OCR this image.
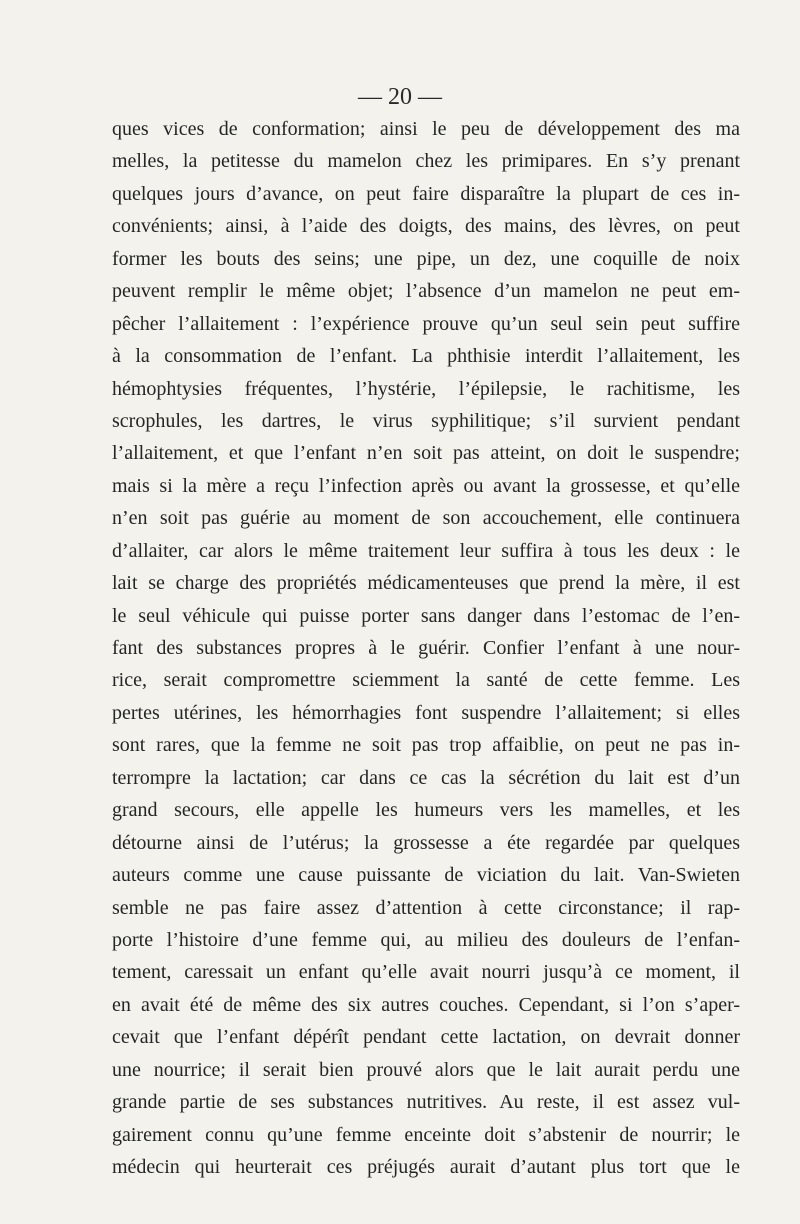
— 20 —
ques vices de conformation; ainsi le peu de développement des ma
melles, la petitesse du mamelon chez les primipares. En s’y prenant
quelques jours d’avance, on peut faire disparaître la plupart de ces in-
convénients; ainsi, à l’aide des doigts, des mains, des lèvres, on peut
former les bouts des seins; une pipe, un dez, une coquille de noix
peuvent remplir le même objet; l’absence d’un mamelon ne peut em-
pêcher l’allaitement : l’expérience prouve qu’un seul sein peut suffire
à la consommation de l’enfant. La phthisie interdit l’allaitement, les
hémophtysies fréquentes, l’hystérie, l’épilepsie, le rachitisme, les
scrophules, les dartres, le virus syphilitique; s’il survient pendant
l’allaitement, et que l’enfant n’en soit pas atteint, on doit le suspendre;
mais si la mère a reçu l’infection après ou avant la grossesse, et qu’elle
n’en soit pas guérie au moment de son accouchement, elle continuera
d’allaiter, car alors le même traitement leur suffira à tous les deux : le
lait se charge des propriétés médicamenteuses que prend la mère, il est
le seul véhicule qui puisse porter sans danger dans l’estomac de l’en-
fant des substances propres à le guérir. Confier l’enfant à une nour-
rice, serait compromettre sciemment la santé de cette femme. Les
pertes utérines, les hémorrhagies font suspendre l’allaitement; si elles
sont rares, que la femme ne soit pas trop affaiblie, on peut ne pas in-
terrompre la lactation; car dans ce cas la sécrétion du lait est d’un
grand secours, elle appelle les humeurs vers les mamelles, et les
détourne ainsi de l’utérus; la grossesse a éte regardée par quelques
auteurs comme une cause puissante de viciation du lait. Van-Swieten
semble ne pas faire assez d’attention à cette circonstance; il rap-
porte l’histoire d’une femme qui, au milieu des douleurs de l’enfan-
tement, caressait un enfant qu’elle avait nourri jusqu’à ce moment, il
en avait été de même des six autres couches. Cependant, si l’on s’aper-
cevait que l’enfant dépérît pendant cette lactation, on devrait donner
une nourrice; il serait bien prouvé alors que le lait aurait perdu une
grande partie de ses substances nutritives. Au reste, il est assez vul-
gairement connu qu’une femme enceinte doit s’abstenir de nourrir; le
médecin qui heurterait ces préjugés aurait d’autant plus tort que le
